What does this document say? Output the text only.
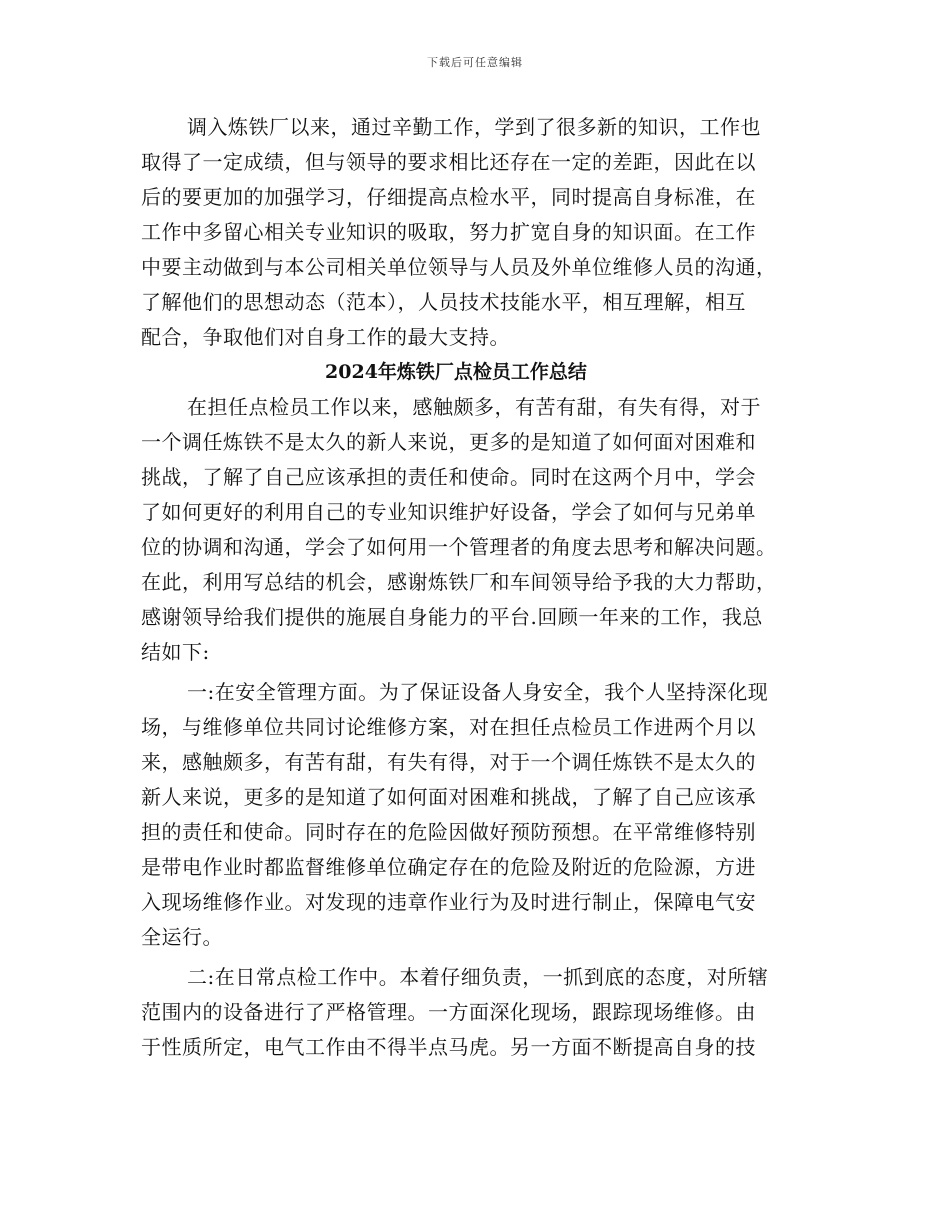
下载后可任意编辑
调入炼铁厂以来，通过辛勤工作，学到了很多新的知识，工作也
取得了一定成绩，但与领导的要求相比还存在一定的差距，因此在以
后的要更加的加强学习，仔细提高点检水平，同时提高自身标准，在
工作中多留心相关专业知识的吸取，努力扩宽自身的知识面。在工作
中要主动做到与本公司相关单位领导与人员及外单位维修人员的沟通，
了解他们的思想动态（范本），人员技术技能水平，相互理解，相互
配合，争取他们对自身工作的最大支持。
2024年炼铁厂点检员工作总结
在担任点检员工作以来，感触颇多，有苦有甜，有失有得，对于
一个调任炼铁不是太久的新人来说，更多的是知道了如何面对困难和
挑战，了解了自己应该承担的责任和使命。同时在这两个月中，学会
了如何更好的利用自己的专业知识维护好设备，学会了如何与兄弟单
位的协调和沟通，学会了如何用一个管理者的角度去思考和解决问题。
在此，利用写总结的机会，感谢炼铁厂和车间领导给予我的大力帮助，
感谢领导给我们提供的施展自身能力的平台.回顾一年来的工作，我总
结如下:
一:在安全管理方面。为了保证设备人身安全，我个人坚持深化现
场，与维修单位共同讨论维修方案，对在担任点检员工作进两个月以
来，感触颇多，有苦有甜，有失有得，对于一个调任炼铁不是太久的
新人来说，更多的是知道了如何面对困难和挑战，了解了自己应该承
担的责任和使命。同时存在的危险因做好预防预想。在平常维修特别
是带电作业时都监督维修单位确定存在的危险及附近的危险源，方进
入现场维修作业。对发现的违章作业行为及时进行制止，保障电气安
全运行。
二:在日常点检工作中。本着仔细负责，一抓到底的态度，对所辖
范围内的设备进行了严格管理。一方面深化现场，跟踪现场维修。由
于性质所定，电气工作由不得半点马虎。另一方面不断提高自身的技
